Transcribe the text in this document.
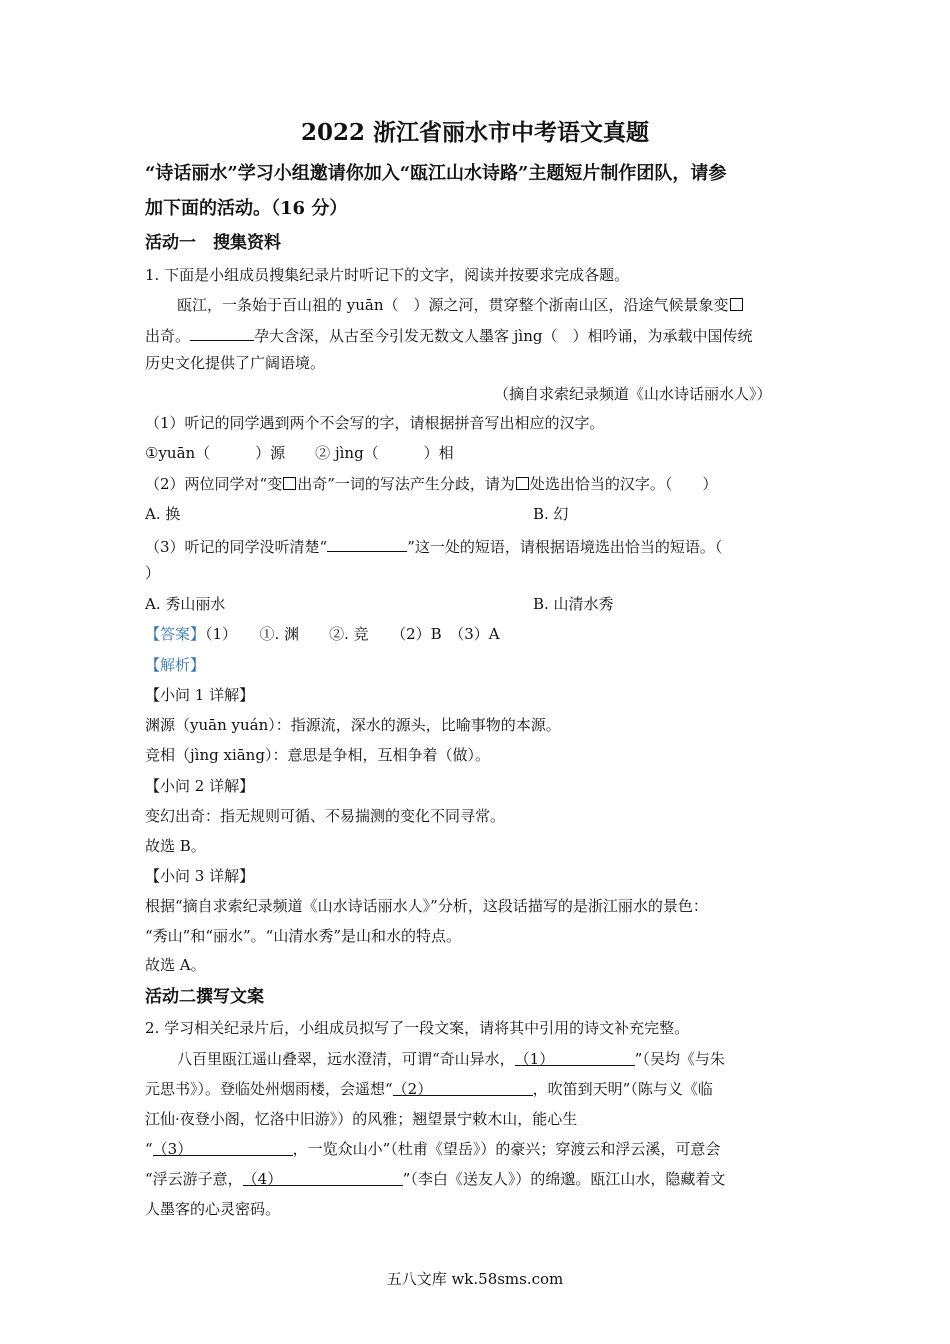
2022 浙江省丽水市中考语文真题
“诗话丽水”学习小组邀请你加入“瓯江山水诗路”主题短片制作团队，请参
加下面的活动。（16 分）
活动一　搜集资料
1. 下面是小组成员搜集纪录片时听记下的文字，阅读并按要求完成各题。
瓯江，一条始于百山祖的 yuān（　）源之河，贯穿整个浙南山区，沿途气候景象变
出奇。	孕大含深，从古至今引发无数文人墨客 jìng（　）相吟诵，为承载中国传统
历史文化提供了广阔语境。
（摘自求索纪录频道《山水诗话丽水人》）
（1）听记的同学遇到两个不会写的字，请根据拼音写出相应的汉字。
①yuān（　　　）源　　② jìng（　　　）相
（2）两位同学对“变 出奇”一词的写法产生分歧，请为 处选出恰当的汉字。（　　）
A. 换	B. 幻
（3）听记的同学没听清楚“	”这一处的短语，请根据语境选出恰当的短语。（
）
A. 秀山丽水	B. 山清水秀
【答案】（1）　　①. 渊　　②. 竞　　（2）B　（3）A
【解析】
【小问 1 详解】
渊源（yuān yuán）：指源流，深水的源头，比喻事物的本源。
竞相（jìng xiāng）：意思是争相，互相争着（做）。
【小问 2 详解】
变幻出奇：指无规则可循、不易揣测的变化不同寻常。
故选 B。
【小问 3 详解】
根据“摘自求索纪录频道《山水诗话丽水人》”分析，这段话描写的是浙江丽水的景色：
“秀山”和“丽水”。“山清水秀”是山和水的特点。
故选 A。
活动二撰写文案
2. 学习相关纪录片后，小组成员拟写了一段文案，请将其中引用的诗文补充完整。
八百里瓯江遥山叠翠，远水澄清，可谓“奇山异水，（1）	”（吴均《与朱
元思书》）。登临处州烟雨楼，会遥想“（2）	，吹笛到天明”（陈与义《临
江仙·夜登小阁，忆洛中旧游》）的风雅；翘望景宁敕木山，能心生
“（3）	，一览众山小”（杜甫《望岳》）的豪兴；穿渡云和浮云溪，可意会
“浮云游子意，（4）	”（李白《送友人》）的绵邈。瓯江山水，隐藏着文
人墨客的心灵密码。
五八文库 wk.58sms.com
